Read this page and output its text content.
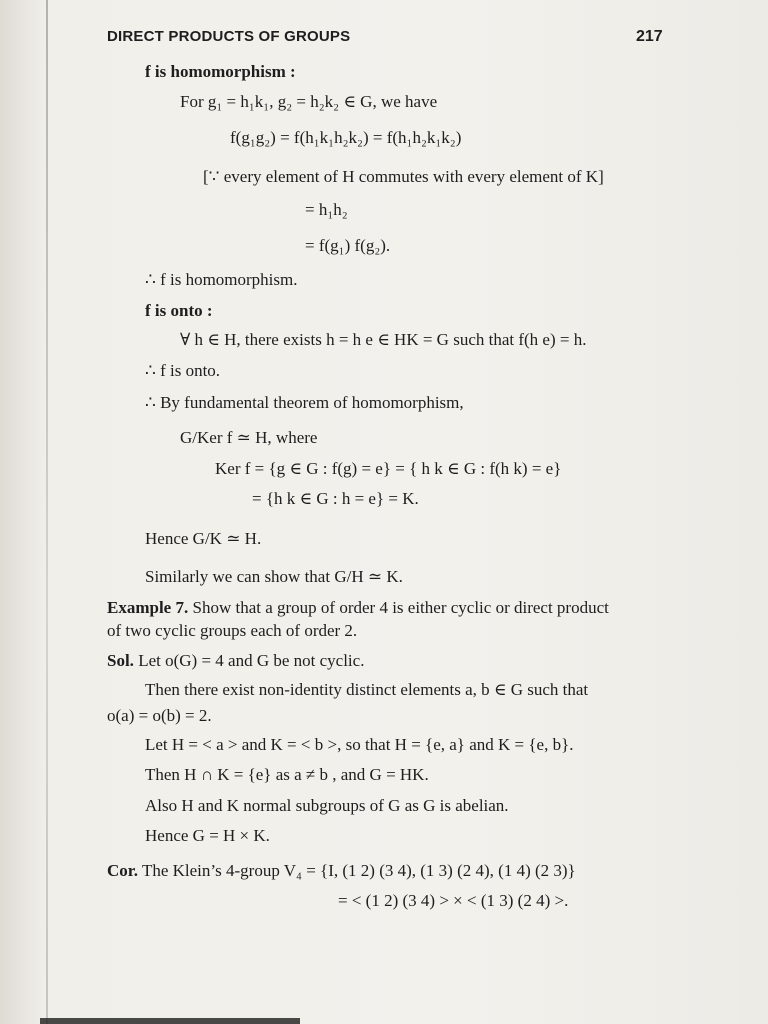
DIRECT PRODUCTS OF GROUPS	217
f is homomorphism :
For g₁ = h₁k₁, g₂ = h₂k₂ ∈ G, we have
f(g₁g₂) = f(h₁k₁h₂k₂) = f(h₁h₂k₁k₂)
[∵ every element of H commutes with every element of K]
= h₁h₂
= f(g₁) f(g₂).
∴ f is homomorphism.
f is onto :
∀ h ∈ H, there exists h = h e ∈ HK = G such that f(h e) = h.
∴ f is onto.
∴ By fundamental theorem of homomorphism,
G/Ker f ≃ H, where
Ker f = {g ∈ G : f(g) = e} = { h k ∈ G : f(h k) = e}
= {h k ∈ G : h = e} = K.
Hence G/K ≃ H.
Similarly we can show that G/H ≃ K.
Example 7. Show that a group of order 4 is either cyclic or direct product
of two cyclic groups each of order 2.
Sol. Let o(G) = 4 and G be not cyclic.
Then there exist non-identity distinct elements a, b ∈ G such that
o(a) = o(b) = 2.
Let H = < a > and K = < b >, so that H = {e, a} and K = {e, b}.
Then H ∩ K = {e} as a ≠ b , and G = HK.
Also H and K normal subgroups of G as G is abelian.
Hence G = H × K.
Cor. The Klein’s 4-group V₄ = {I, (1 2) (3 4), (1 3) (2 4), (1 4) (2 3)}
= < (1 2) (3 4) > × < (1 3) (2 4) >.
